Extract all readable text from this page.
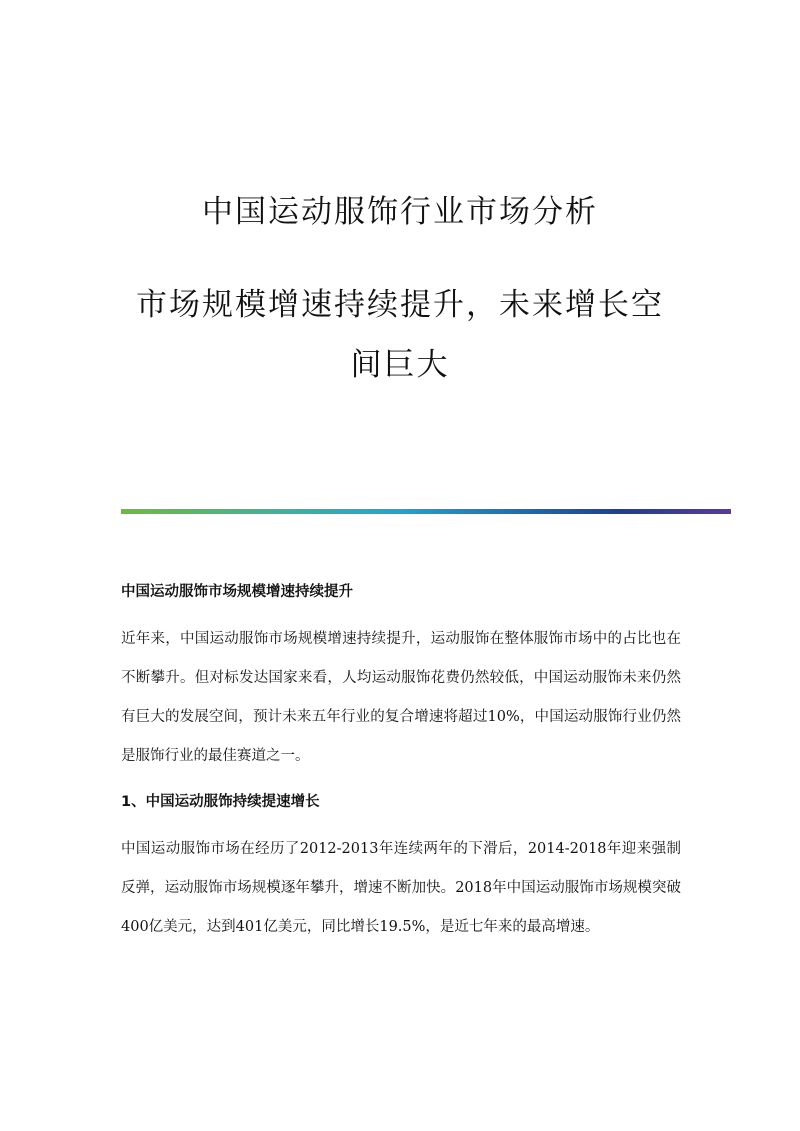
中国运动服饰行业市场分析
市场规模增速持续提升，未来增长空间巨大
中国运动服饰市场规模增速持续提升

近年来，中国运动服饰市场规模增速持续提升，运动服饰在整体服饰市场中的占比也在不断攀升。但对标发达国家来看，人均运动服饰花费仍然较低，中国运动服饰未来仍然有巨大的发展空间，预计未来五年行业的复合增速将超过10%，中国运动服饰行业仍然是服饰行业的最佳赛道之一。

1、中国运动服饰持续提速增长

中国运动服饰市场在经历了2012-2013年连续两年的下滑后，2014-2018年迎来强制反弹，运动服饰市场规模逐年攀升，增速不断加快。2018年中国运动服饰市场规模突破400亿美元，达到401亿美元，同比增长19.5%，是近七年来的最高增速。
